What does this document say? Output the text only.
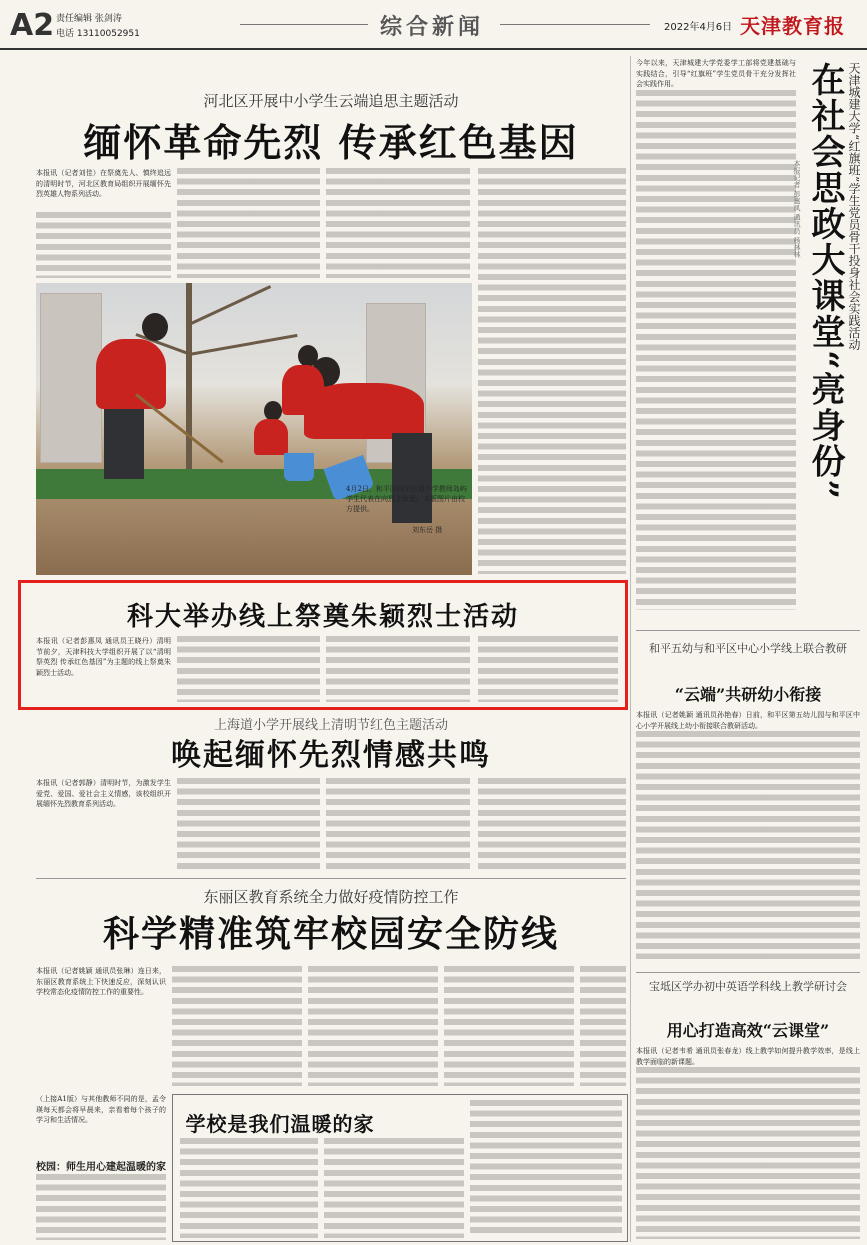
A2 责任编辑 张剑涛
电话 13110052951	综合新闻	2022年4月6日 天津教育报
河北区开展中小学生云端追思主题活动
缅怀革命先烈 传承红色基因
本报讯（记者刘佳）在祭奠先人、慎终追远的清明时节，河北区教育局组织开展缅怀先烈英雄人物系列活动。
4月2日，和平区四中东道小学教师岛屿学生代表在向烈士致意。本版图片由校方提供。
刘东岳 摄
科大举办线上祭奠朱颖烈士活动
本报讯（记者彭惠凤 通讯员王晓丹）清明节前夕，天津科技大学组织开展了以“清明祭英烈 传承红色基因”为主题的线上祭奠朱颖烈士活动。
上海道小学开展线上清明节红色主题活动
唤起缅怀先烈情感共鸣
本报讯（记者郭静）清明时节，为激发学生爱党、爱国、爱社会主义情感，该校组织开展缅怀先烈教育系列活动。
东丽区教育系统全力做好疫情防控工作
科学精准筑牢校园安全防线
本报讯（记者姚颖 通讯员张琳）连日来，东丽区教育系统上下快速反应，深刻认识学校常态化疫情防控工作的重要性。
（上接A1版）与其他教师不同的是，孟令瑛每天都会将早晨来，亲看着每个孩子的学习和生活情况。
校园：师生用心建起温暖的家
学校是我们温暖的家
今年以来，天津城建大学党委学工部将党建基础与实践结合，引导“红旗班”学生党员骨干充分发挥社会实践作用。	天津城建大学“红旗班”学生党员骨干投身社会实践活动
在社会思政大课堂“亮身份”
本报记者 彭惠凤 通讯员 杨林林
和平五幼与和平区中心小学线上联合教研
“云端”共研幼小衔接
本报讯（记者姚颖 通讯员孙艳春）日前，和平区第五幼儿园与和平区中心小学开展线上幼小衔接联合教研活动。
宝坻区学办初中英语学科线上教学研讨会
用心打造高效“云课堂”
本报讯（记者韦希 通讯员张春龙）线上教学如何提升教学效率，是线上教学面临的新课题。
